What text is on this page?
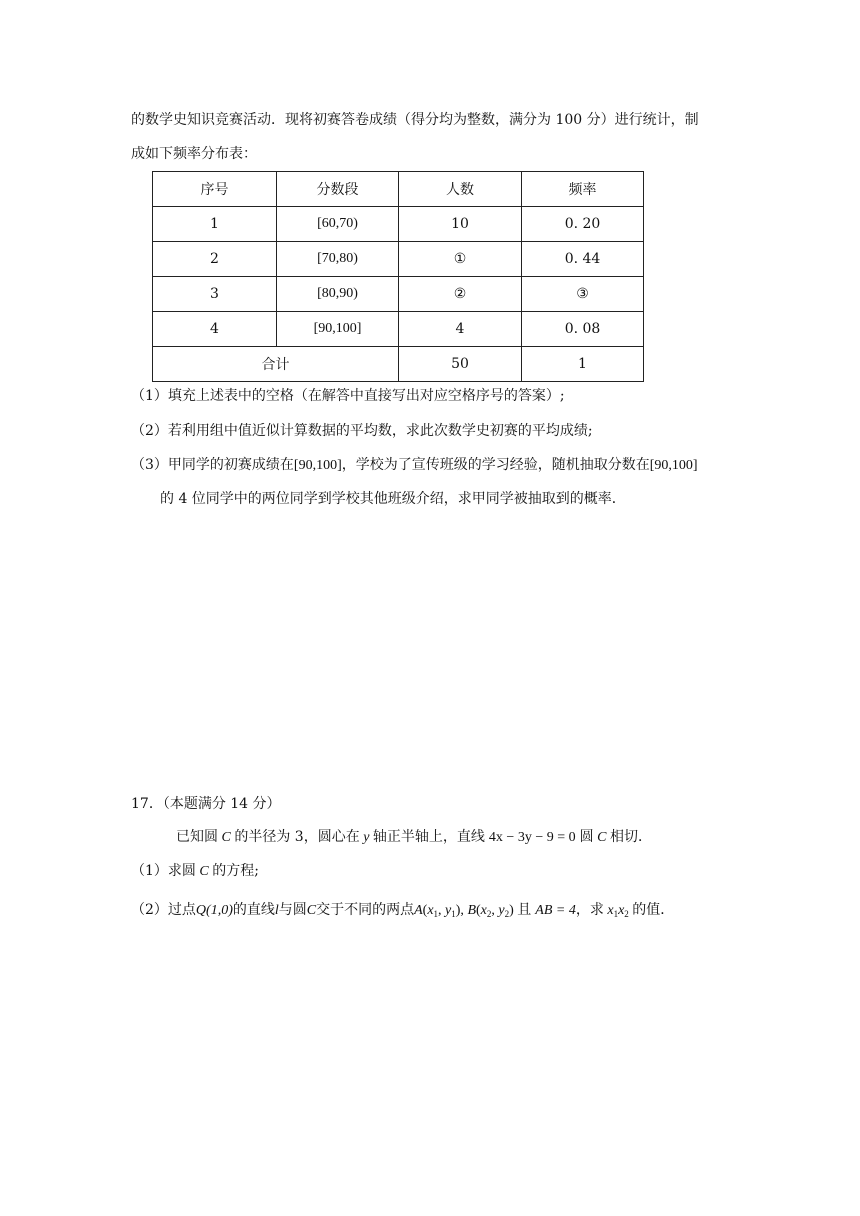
的数学史知识竞赛活动．现将初赛答卷成绩（得分均为整数，满分为 100 分）进行统计，制
成如下频率分布表：
序号	分数段	人数	频率
1	[60,70)	10	0. 20
2	[70,80)	①	0. 44
3	[80,90)	②	③
4	[90,100]	4	0. 08
合计		50	1
（1）填充上述表中的空格（在解答中直接写出对应空格序号的答案）;
（2）若利用组中值近似计算数据的平均数，求此次数学史初赛的平均成绩;
（3）甲同学的初赛成绩在[90,100]，学校为了宣传班级的学习经验，随机抽取分数在[90,100]
的 4 位同学中的两位同学到学校其他班级介绍，求甲同学被抽取到的概率．
17．（本题满分 14 分）
已知圆 C 的半径为 3，圆心在 y 轴正半轴上，直线 4x − 3y − 9 = 0 圆 C 相切．
（1）求圆 C 的方程;
（2）过点Q(1,0)的直线l与圆C交于不同的两点$A(x_1$, $y_1$), $B(x_2$, $y_2$) 且 AB = 4，求 $x_1x_2$ 的值．
